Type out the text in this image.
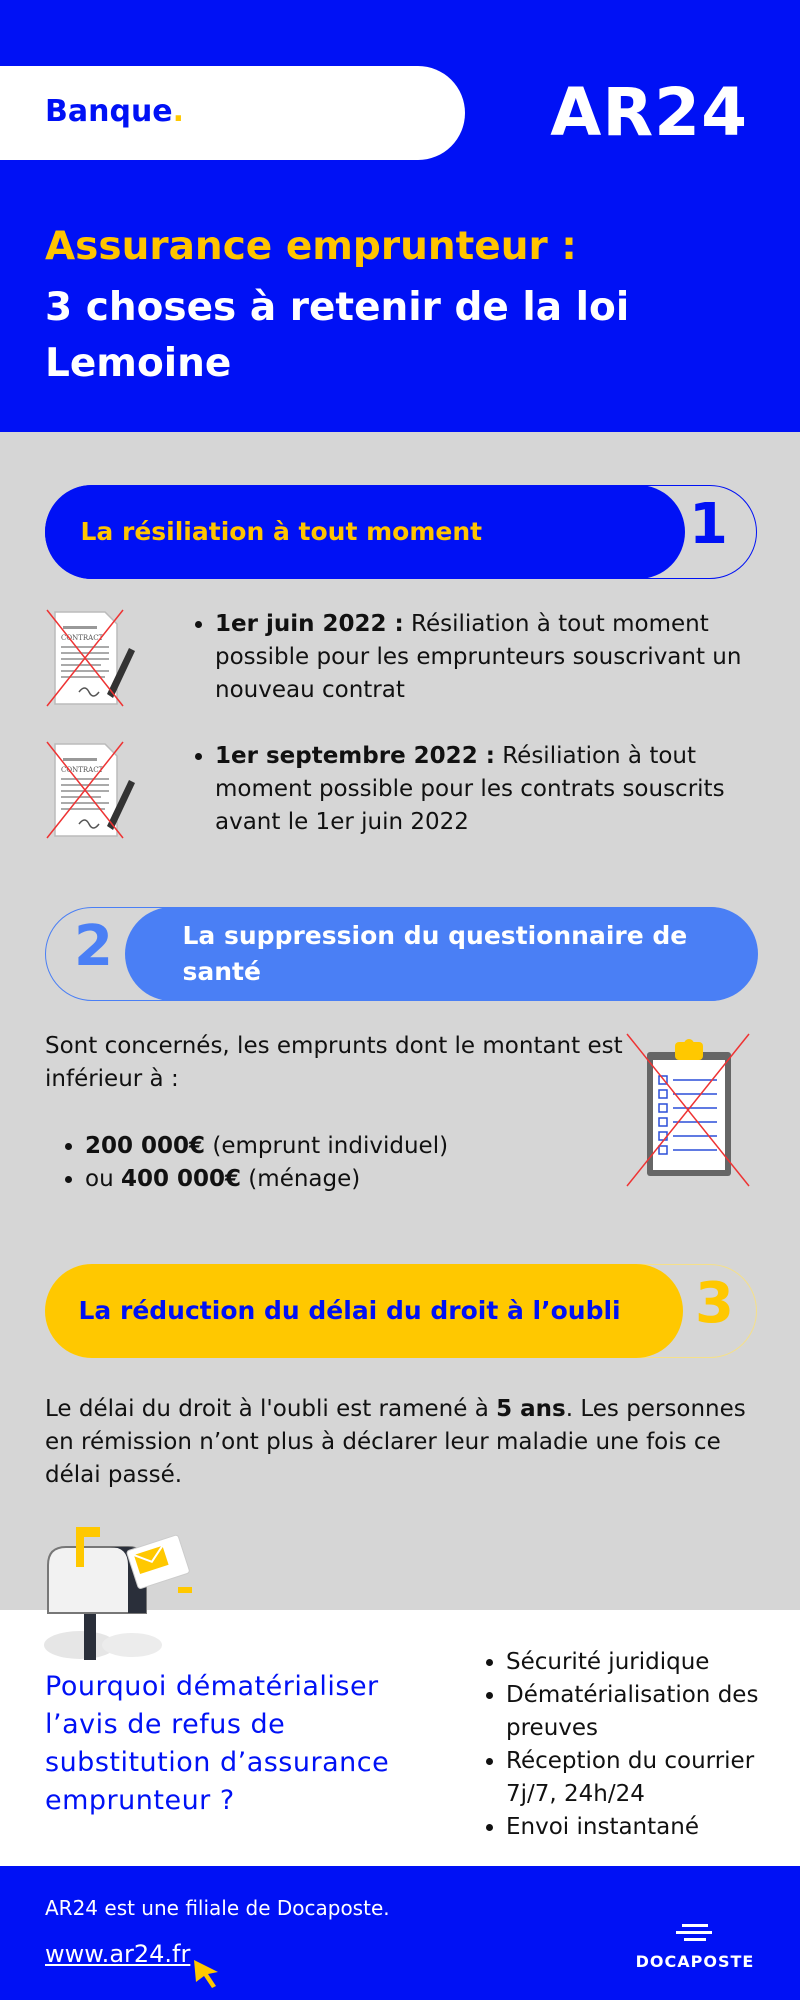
Banque.	AR24
Assurance emprunteur :
3 choses à retenir de la loi Lemoine
La résiliation à tout moment	1
CONTRACT
• 1er juin 2022 : Résiliation à tout moment possible pour les emprunteurs souscrivant un nouveau contrat
CONTRACT
• 1er septembre 2022 : Résiliation à tout moment possible pour les contrats souscrits avant le 1er juin 2022
2	La suppression du questionnaire de santé
Sont concernés, les emprunts dont le montant est inférieur à :
• 200 000€ (emprunt individuel)
• ou 400 000€ (ménage)
La réduction du délai du droit à l’oubli	3
Le délai du droit à l'oubli est ramené à 5 ans. Les personnes en rémission n’ont plus à déclarer leur maladie une fois ce délai passé.
Pourquoi dématérialiser l’avis de refus de substitution d’assurance emprunteur ?
• Sécurité juridique
• Dématérialisation des preuves
• Réception du courrier 7j/7, 24h/24
• Envoi instantané
AR24 est une filiale de Docaposte.
www.ar24.fr	DOCAPOSTE
